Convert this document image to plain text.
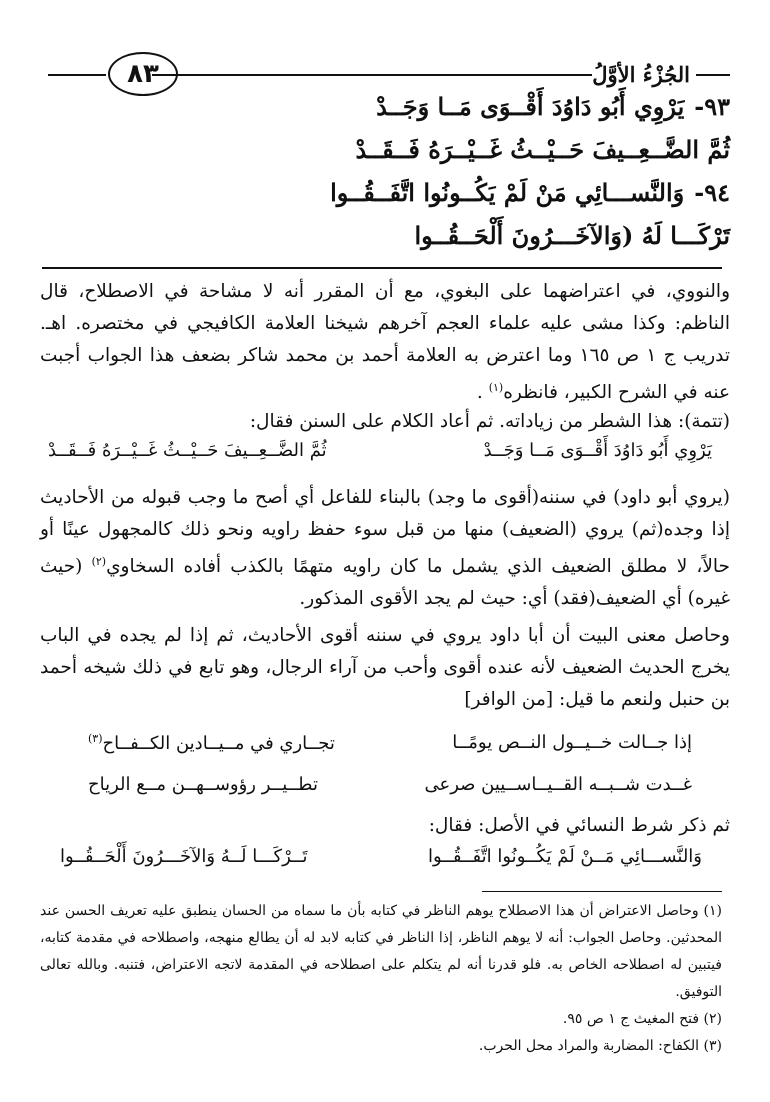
الجُزْءُ الأوَّلُ
٨٣
٩٣-يَرْوِي أَبُو دَاوُدَ أَقْــوَى مَــا وَجَــدْ
ثُمَّ الضَّــعِــيفَ حَــيْــثُ غَــيْــرَهُ فَــقَــدْ
٩٤-وَالنَّســـائِي مَنْ لَمْ يَكُــونُوا اتَّفَــقُــوا
تَرْكَـــا لَهُ (وَالآخَـــرُونَ أَلْحَــقُــوا

والنووي، في اعتراضهما على البغوي، مع أن المقرر أنه لا مشاحة في الاصطلاح، قال الناظم: وكذا مشى عليه علماء العجم آخرهم شيخنا العلامة الكافيجي في مختصره. اهـ. تدريب ج ١ ص ١٦٥ وما اعترض به العلامة أحمد بن محمد شاكر بضعف هذا الجواب أجبت عنه في الشرح الكبير، فانظره$^{(١)}$ .

(تتمة): هذا الشطر من زياداته. ثم أعاد الكلام على السنن فقال:
يَرْوِي أَبُو دَاوُدَ أَقْــوَى مَــا وَجَــدْ
ثُمَّ الضَّــعِــيفَ حَــيْــثُ غَــيْــرَهُ فَــقَــدْ

(يروي أبو داود) في سننه(أقوى ما وجد) بالبناء للفاعل أي أصح ما وجب قبوله من الأحاديث إذا وجده(ثم) يروي (الضعيف) منها من قبل سوء حفظ راويه ونحو ذلك كالمجهول عينًا أو حالاً، لا مطلق الضعيف الذي يشمل ما كان راويه متهمًا بالكذب أفاده السخاوي$^{(٢)}$ (حيث غيره) أي الضعيف(فقد) أي: حيث لم يجد الأقوى المذكور.

وحاصل معنى البيت أن أبا داود يروي في سننه أقوى الأحاديث، ثم إذا لم يجده في الباب يخرج الحديث الضعيف لأنه عنده أقوى وأحب من آراء الرجال، وهو تابع في ذلك شيخه أحمد بن حنبل ولنعم ما قيل: [من الوافر]
إذا جــالت خــيــول النــص يومًــا
تجــاري في مــيــادين الكــفــاح$^{(٣)}$
غــدت شــبــه القــيــاســيين صرعى
تطــيــر رؤوســهــن مــع الرياح
ثم ذكر شرط النسائي في الأصل: فقال:
وَالنَّســـائِي مَــنْ لَمْ يَكُــونُوا اتَّفَــقُــوا
تَــرْكَـــا لَــهُ وَالآخَـــرُونَ أَلْحَــقُــوا

(١) وحاصل الاعتراض أن هذا الاصطلاح يوهم الناظر في كتابه بأن ما سماه من الحسان ينطبق عليه تعريف الحسن عند المحدثين. وحاصل الجواب: أنه لا يوهم الناظر، إذا الناظر في كتابه لابد له أن يطالع منهجه، واصطلاحه في مقدمة كتابه، فيتبين له اصطلاحه الخاص به. فلو قدرنا أنه لم يتكلم على اصطلاحه في المقدمة لاتجه الاعتراض، فتنبه. وبالله تعالى التوفيق.

(٢) فتح المغيث ج ١ ص ٩٥.

(٣) الكفاح: المضاربة والمراد محل الحرب.
